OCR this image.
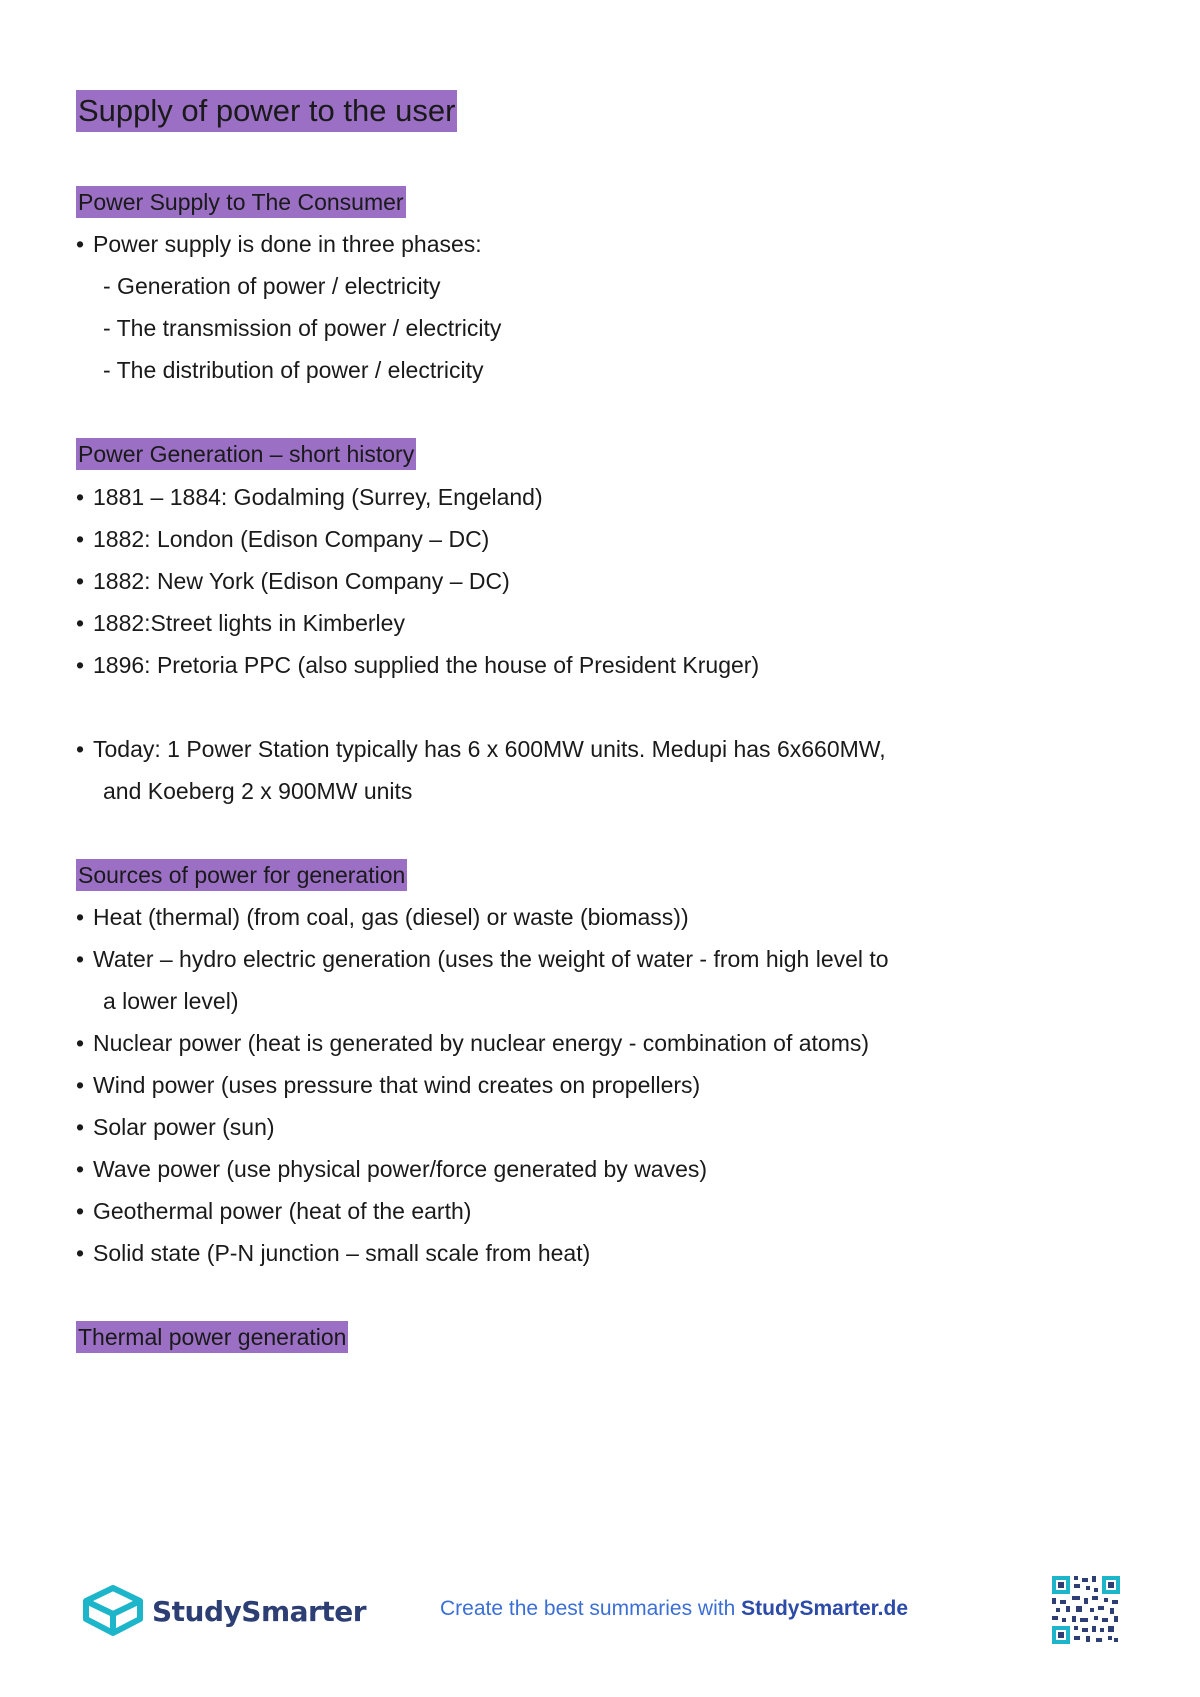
Supply of power to the user
Power Supply to The Consumer
• Power supply is done in three phases:
- Generation of power / electricity
- The transmission of power / electricity
- The distribution of power / electricity
Power Generation – short history
• 1881 – 1884: Godalming (Surrey, Engeland)
• 1882: London (Edison Company – DC)
• 1882: New York (Edison Company – DC)
• 1882:Street lights in Kimberley
• 1896: Pretoria PPC (also supplied the house of President Kruger)
• Today: 1 Power Station typically has 6 x 600MW units. Medupi has 6x660MW,
and Koeberg 2 x 900MW units
Sources of power for generation
• Heat (thermal) (from coal, gas (diesel) or waste (biomass))
• Water – hydro electric generation (uses the weight of water - from high level to
a lower level)
• Nuclear power (heat is generated by nuclear energy - combination of atoms)
• Wind power (uses pressure that wind creates on propellers)
• Solar power (sun)
• Wave power (use physical power/force generated by waves)
• Geothermal power (heat of the earth)
• Solid state (P-N junction – small scale from heat)
Thermal power generation
StudySmarter	Create the best summaries with StudySmarter.de
